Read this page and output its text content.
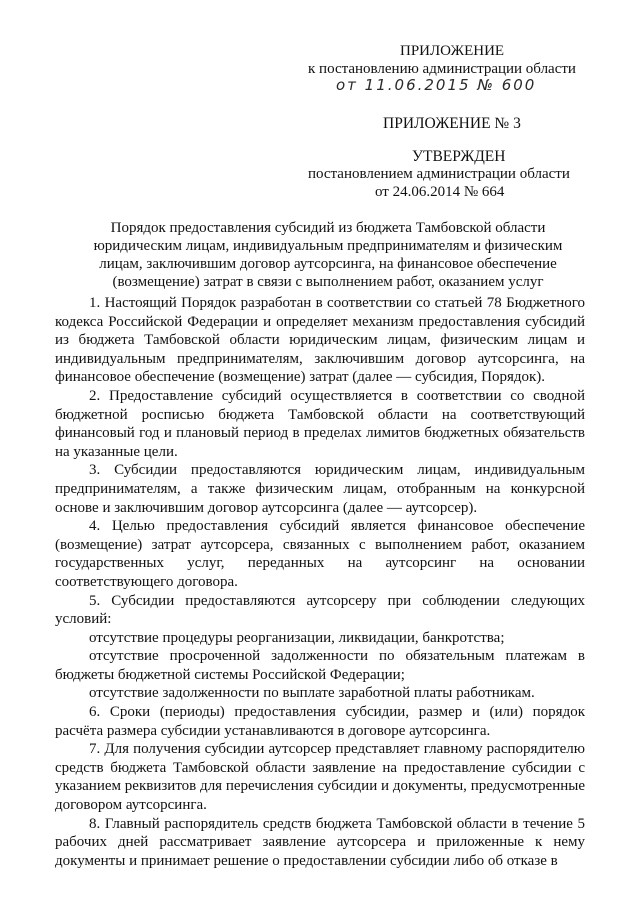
ПРИЛОЖЕНИЕ
к постановлению администрации области
от 11.06.2015 № 600
ПРИЛОЖЕНИЕ № 3
УТВЕРЖДЕН
постановлением администрации области
от 24.06.2014 № 664
Порядок предоставления субсидий из бюджета Тамбовской области
юридическим лицам, индивидуальным предпринимателям и физическим
лицам, заключившим договор аутсорсинга, на финансовое обеспечение
(возмещение) затрат в связи с выполнением работ, оказанием услуг

1. Настоящий Порядок разработан в соответствии со статьей 78 Бюджетного кодекса Российской Федерации и определяет механизм предоставления субсидий из бюджета Тамбовской области юридическим лицам, физическим лицам и индивидуальным предпринимателям, заключившим договор аутсорсинга, на финансовое обеспечение (возмещение) затрат (далее — субсидия, Порядок).

2. Предоставление субсидий осуществляется в соответствии со сводной бюджетной росписью бюджета Тамбовской области на соответствующий финансовый год и плановый период в пределах лимитов бюджетных обязательств на указанные цели.

3. Субсидии предоставляются юридическим лицам, индивидуальным предпринимателям, а также физическим лицам, отобранным на конкурсной основе и заключившим договор аутсорсинга (далее — аутсорсер).

4. Целью предоставления субсидий является финансовое обеспечение (возмещение) затрат аутсорсера, связанных с выполнением работ, оказанием государственных услуг, переданных на аутсорсинг на основании соответствующего договора.

5. Субсидии предоставляются аутсорсеру при соблюдении следующих условий:

отсутствие процедуры реорганизации, ликвидации, банкротства;

отсутствие просроченной задолженности по обязательным платежам в бюджеты бюджетной системы Российской Федерации;

отсутствие задолженности по выплате заработной платы работникам.

6. Сроки (периоды) предоставления субсидии, размер и (или) порядок расчёта размера субсидии устанавливаются в договоре аутсорсинга.

7. Для получения субсидии аутсорсер представляет главному распорядителю средств бюджета Тамбовской области заявление на предоставление субсидии с указанием реквизитов для перечисления субсидии и документы, предусмотренные договором аутсорсинга.

8. Главный распорядитель средств бюджета Тамбовской области в течение 5 рабочих дней рассматривает заявление аутсорсера и приложенные к нему документы и принимает решение о предоставлении субсидии либо об отказе в
